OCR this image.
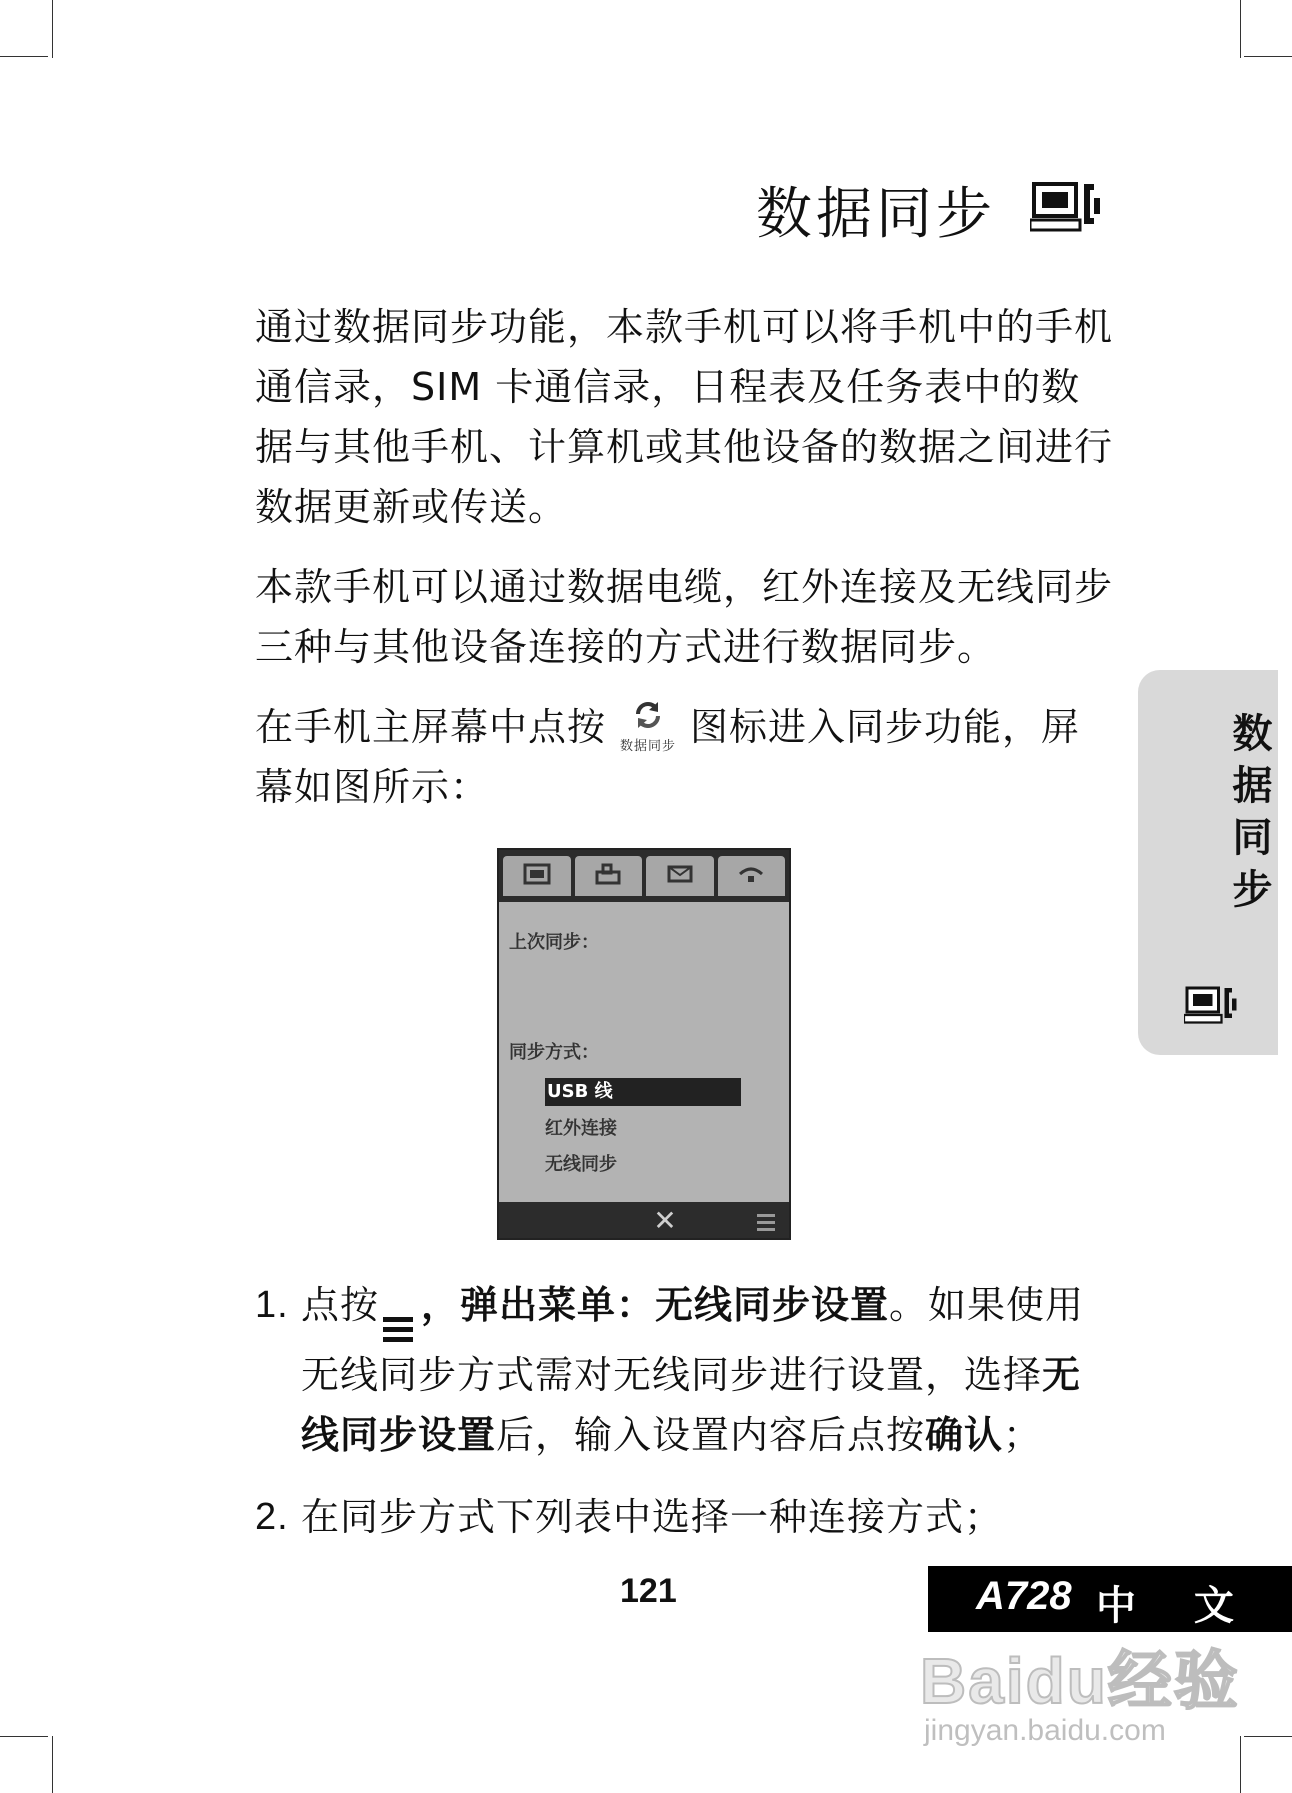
数据同步

通过数据同步功能，本款手机可以将手机中的手机通信录，SIM 卡通信录，日程表及任务表中的数据与其他手机、计算机或其他设备的数据之间进行数据更新或传送。

本款手机可以通过数据电缆，红外连接及无线同步三种与其他设备连接的方式进行数据同步。

在手机主屏幕中点按	数据同步 图标进入同步功能，屏幕如图所示：	数据同步
上次同步：
同步方式：
USB 线
红外连接
无线同步
✕
1. 点按 ，弹出菜单：无线同步设置。如果使用无线同步方式需对无线同步进行设置，选择无线同步设置后，输入设置内容后点按确认；
2. 在同步方式下列表中选择一种连接方式；
121	A728 中 文
Baidu经验
jingyan.baidu.com
